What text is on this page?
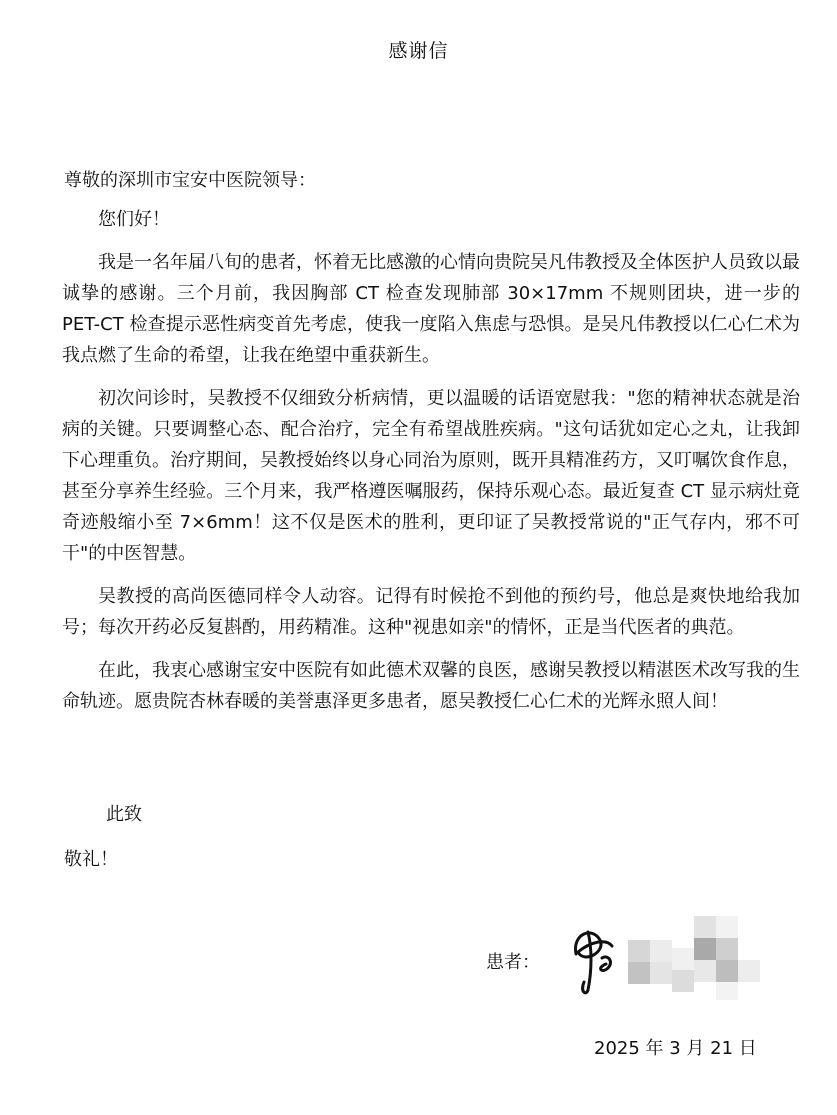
感谢信
尊敬的深圳市宝安中医院领导：

您们好！

我是一名年届八旬的患者，怀着无比感激的心情向贵院吴凡伟教授及全体医护人员致以最诚挚的感谢。三个月前，我因胸部 CT 检查发现肺部 30×17mm 不规则团块，进一步的 PET-CT 检查提示恶性病变首先考虑，使我一度陷入焦虑与恐惧。是吴凡伟教授以仁心仁术为我点燃了生命的希望，让我在绝望中重获新生。

初次问诊时，吴教授不仅细致分析病情，更以温暖的话语宽慰我："您的精神状态就是治病的关键。只要调整心态、配合治疗，完全有希望战胜疾病。"这句话犹如定心之丸，让我卸下心理重负。治疗期间，吴教授始终以身心同治为原则，既开具精准药方，又叮嘱饮食作息，甚至分享养生经验。三个月来，我严格遵医嘱服药，保持乐观心态。最近复查 CT 显示病灶竟奇迹般缩小至 7×6mm！这不仅是医术的胜利，更印证了吴教授常说的"正气存内，邪不可干"的中医智慧。

吴教授的高尚医德同样令人动容。记得有时候抢不到他的预约号，他总是爽快地给我加号；每次开药必反复斟酌，用药精准。这种"视患如亲"的情怀，正是当代医者的典范。

在此，我衷心感谢宝安中医院有如此德术双馨的良医，感谢吴教授以精湛医术改写我的生命轨迹。愿贵院杏林春暖的美誉惠泽更多患者，愿吴教授仁心仁术的光辉永照人间！

此致
敬礼！
患者：
2025 年 3 月 21 日
